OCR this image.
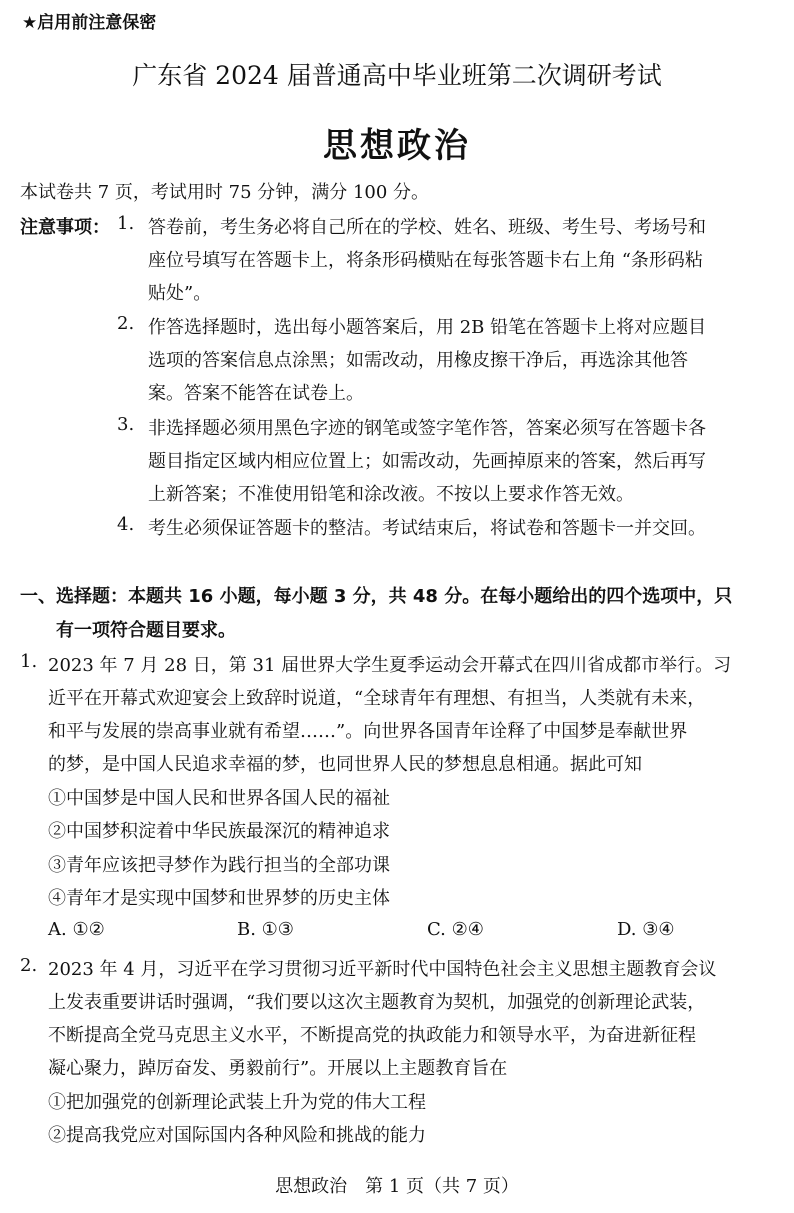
★启用前注意保密
广东省 2024 届普通高中毕业班第二次调研考试
思想政治
本试卷共 7 页，考试用时 75 分钟，满分 100 分。
注意事项： 1. 答卷前，考生务必将自己所在的学校、姓名、班级、考生号、考场号和
座位号填写在答题卡上，将条形码横贴在每张答题卡右上角 “条形码粘
贴处”。
2. 作答选择题时，选出每小题答案后，用 2B 铅笔在答题卡上将对应题目
选项的答案信息点涂黑；如需改动，用橡皮擦干净后，再选涂其他答
案。答案不能答在试卷上。
3. 非选择题必须用黑色字迹的钢笔或签字笔作答，答案必须写在答题卡各
题目指定区域内相应位置上；如需改动，先画掉原来的答案，然后再写
上新答案；不准使用铅笔和涂改液。不按以上要求作答无效。
4. 考生必须保证答题卡的整洁。考试结束后，将试卷和答题卡一并交回。
一、选择题：本题共 16 小题，每小题 3 分，共 48 分。在每小题给出的四个选项中，只
有一项符合题目要求。
1. 2023 年 7 月 28 日，第 31 届世界大学生夏季运动会开幕式在四川省成都市举行。习
近平在开幕式欢迎宴会上致辞时说道，“全球青年有理想、有担当，人类就有未来，
和平与发展的崇高事业就有希望……”。向世界各国青年诠释了中国梦是奉献世界
的梦，是中国人民追求幸福的梦，也同世界人民的梦想息息相通。据此可知
①中国梦是中国人民和世界各国人民的福祉
②中国梦积淀着中华民族最深沉的精神追求
③青年应该把寻梦作为践行担当的全部功课
④青年才是实现中国梦和世界梦的历史主体
A. ①②	B. ①③	C. ②④	D. ③④
2. 2023 年 4 月，习近平在学习贯彻习近平新时代中国特色社会主义思想主题教育会议
上发表重要讲话时强调，“我们要以这次主题教育为契机，加强党的创新理论武装，
不断提高全党马克思主义水平，不断提高党的执政能力和领导水平，为奋进新征程
凝心聚力，踔厉奋发、勇毅前行”。开展以上主题教育旨在
①把加强党的创新理论武装上升为党的伟大工程
②提高我党应对国际国内各种风险和挑战的能力
思想政治　第 1 页（共 7 页）
